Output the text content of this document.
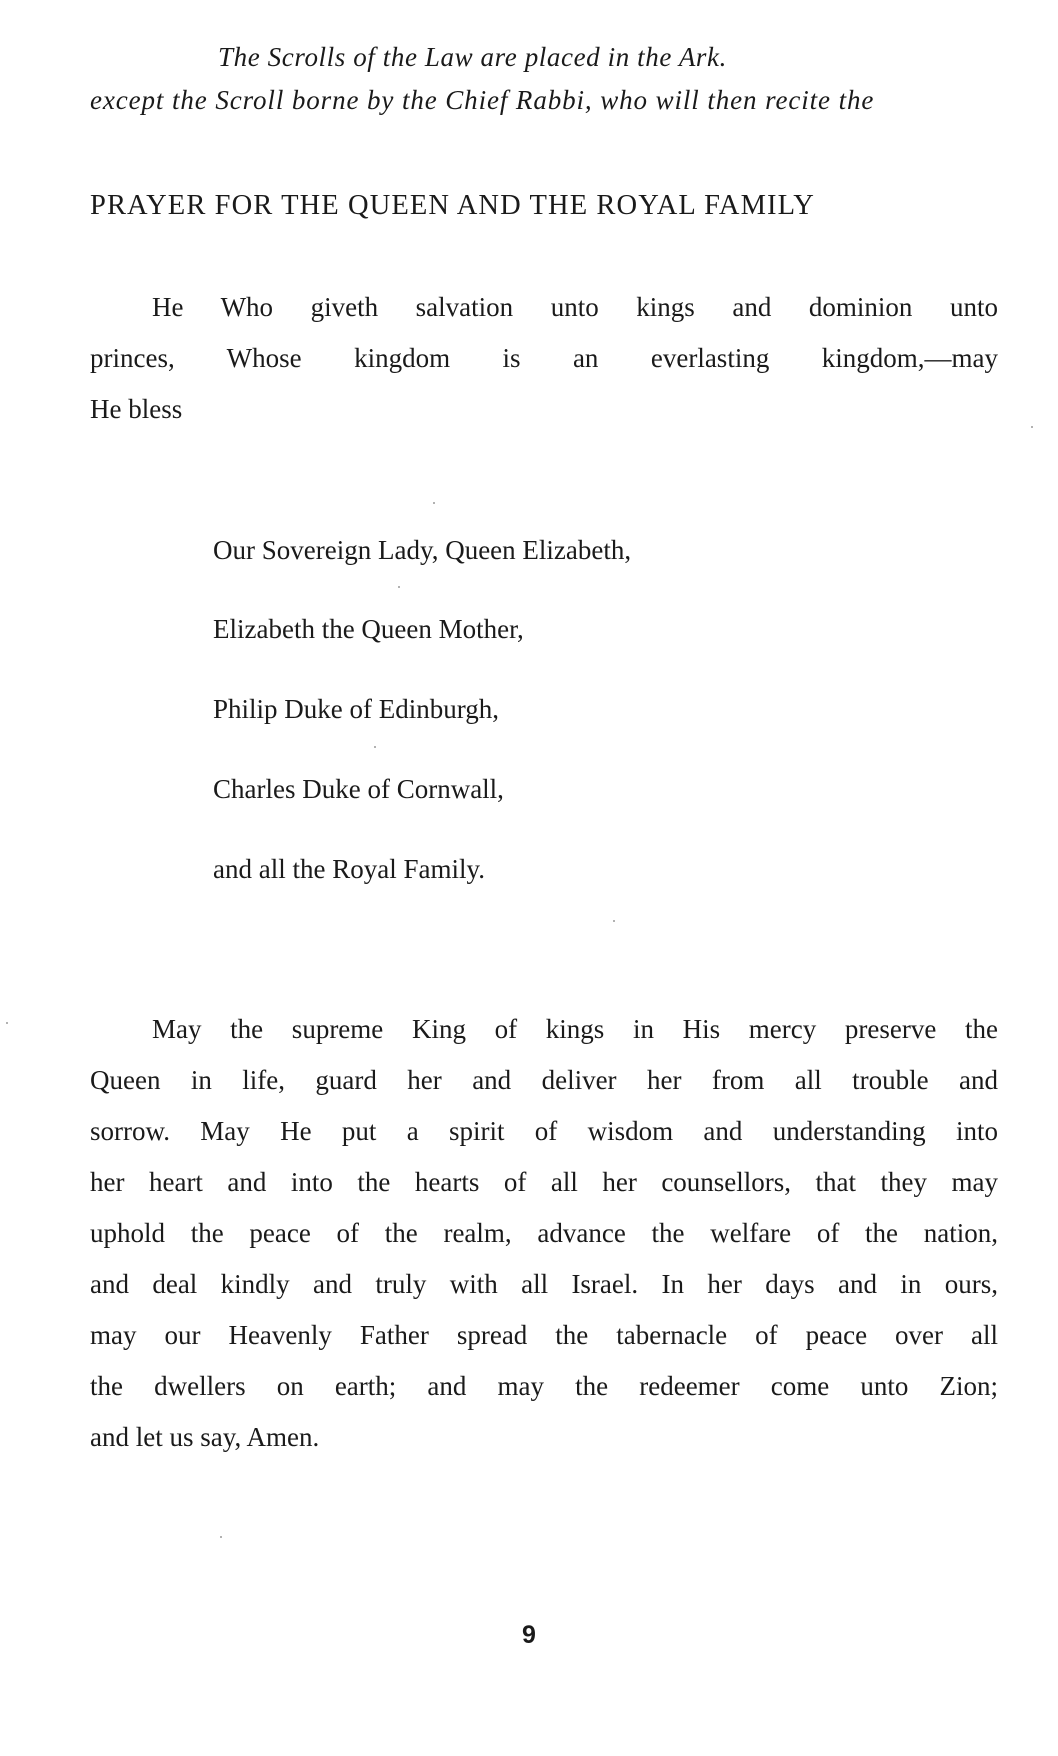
The Scrolls of the Law are placed in the Ark.
except the Scroll borne by the Chief Rabbi, who will then recite the
PRAYER FOR THE QUEEN AND THE ROYAL FAMILY
He Who giveth salvation unto kings and dominion unto
princes, Whose kingdom is an everlasting kingdom,—may
He bless
Our Sovereign Lady, Queen Elizabeth,
Elizabeth the Queen Mother,
Philip Duke of Edinburgh,
Charles Duke of Cornwall,
and all the Royal Family.
May the supreme King of kings in His mercy preserve the
Queen in life, guard her and deliver her from all trouble and
sorrow. May He put a spirit of wisdom and understanding into
her heart and into the hearts of all her counsellors, that they may
uphold the peace of the realm, advance the welfare of the nation,
and deal kindly and truly with all Israel. In her days and in ours,
may our Heavenly Father spread the tabernacle of peace over all
the dwellers on earth; and may the redeemer come unto Zion;
and let us say, Amen.
9
